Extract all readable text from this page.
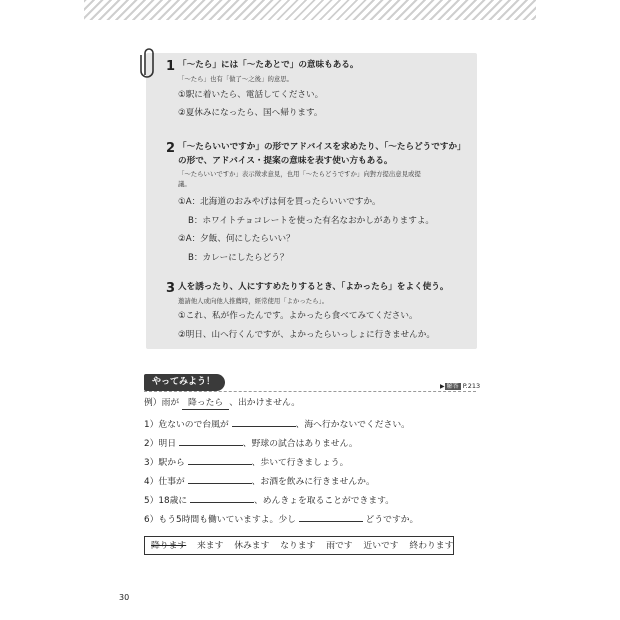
1 「〜たら」には「〜たあとで」の意味もある。
「〜たら」也有「做了〜之後」的意思。
①駅に着いたら、電話してください。
②夏休みになったら、国へ帰ります。
2 「〜たらいいですか」の形でアドバイスを求めたり、「〜たらどうですか」
の形で、アドバイス・提案の意味を表す使い方もある。
「〜たらいいですか」表示徵求意見，也用「〜たらどうですか」向對方提出意見或提
議。
①A：北海道のおみやげは何を買ったらいいですか。
B：ホワイトチョコレートを使った有名なおかしがありますよ。
②A：夕飯、何にしたらいい？
B：カレーにしたらどう？
3 人を誘ったり、人にすすめたりするとき、「よかったら」をよく使う。
邀請他人或向他人推薦時，經常使用「よかったら」。
①これ、私が作ったんです。よかったら食べてみてください。
②明日、山へ行くんですが、よかったらいっしょに行きませんか。
やってみよう！	▶ 解答 P.213
例）雨が 降ったら 、出かけません。
1）危ないので台風が	、海へ行かないでください。
2）明日	、野球の試合はありません。
3）駅から	、歩いて行きましょう。
4）仕事が	、お酒を飲みに行きませんか。
5）18歳に	、めんきょを取ることができます。
6）もう5時間も働いていますよ。少し	どうですか。
降ります 来ます 休みます なります 雨です 近いです 終わります
30
